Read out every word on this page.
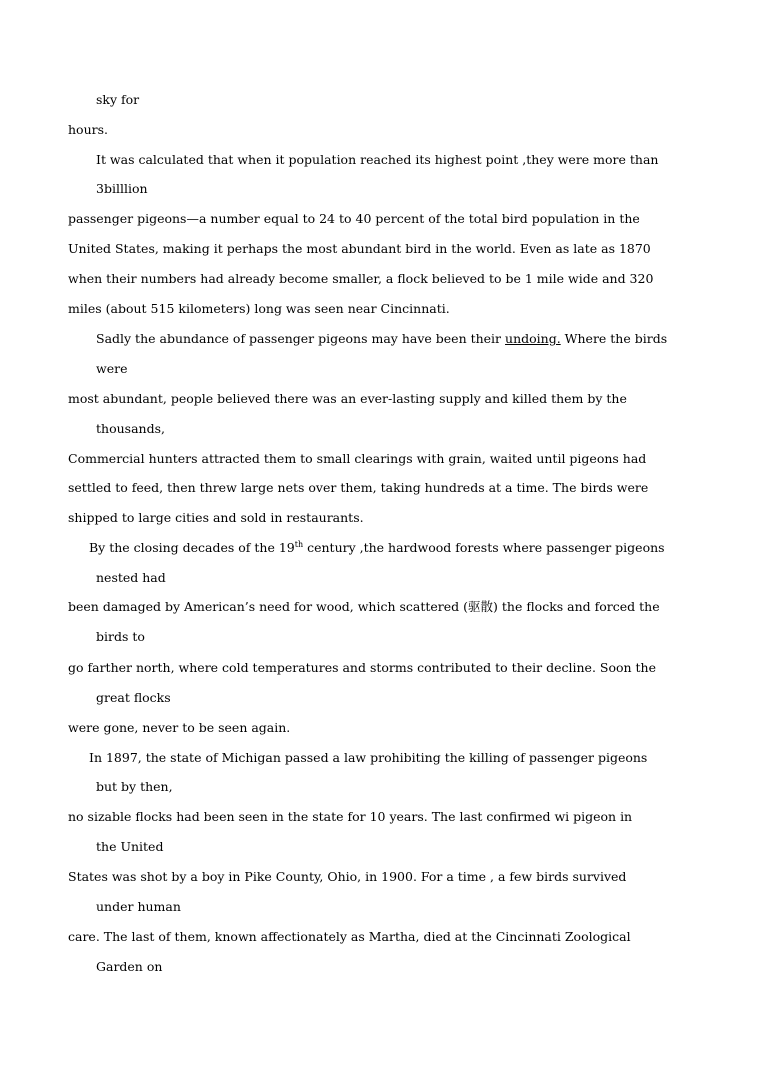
sky for
hours.
It was calculated that when it population reached its highest point ,they were more than
3billlion
passenger pigeons—a number equal to 24 to 40 percent of the total bird population in the
United States, making it perhaps the most abundant bird in the world. Even as late as 1870
when their numbers had already become smaller, a flock believed to be 1 mile wide and 320
miles (about 515 kilometers) long was seen near Cincinnati.
Sadly the abundance of passenger pigeons may have been their undoing. Where the birds
were
most abundant, people believed there was an ever-lasting supply and killed them by the
thousands,
Commercial hunters attracted them to small clearings with grain, waited until pigeons had
settled to feed, then threw large nets over them, taking hundreds at a time. The birds were
shipped to large cities and sold in restaurants.
By the closing decades of the 19th century ,the hardwood forests where passenger pigeons
nested had
been damaged by American’s need for wood, which scattered (驱散) the flocks and forced the
birds to
go farther north, where cold temperatures and storms contributed to their decline. Soon the
great flocks
were gone, never to be seen again.
In 1897, the state of Michigan passed a law prohibiting the killing of passenger pigeons
but by then,
no sizable flocks had been seen in the state for 10 years. The last confirmed wi pigeon in
the United
States was shot by a boy in Pike County, Ohio, in 1900. For a time , a few birds survived
under human
care. The last of them, known affectionately as Martha, died at the Cincinnati Zoological
Garden on
